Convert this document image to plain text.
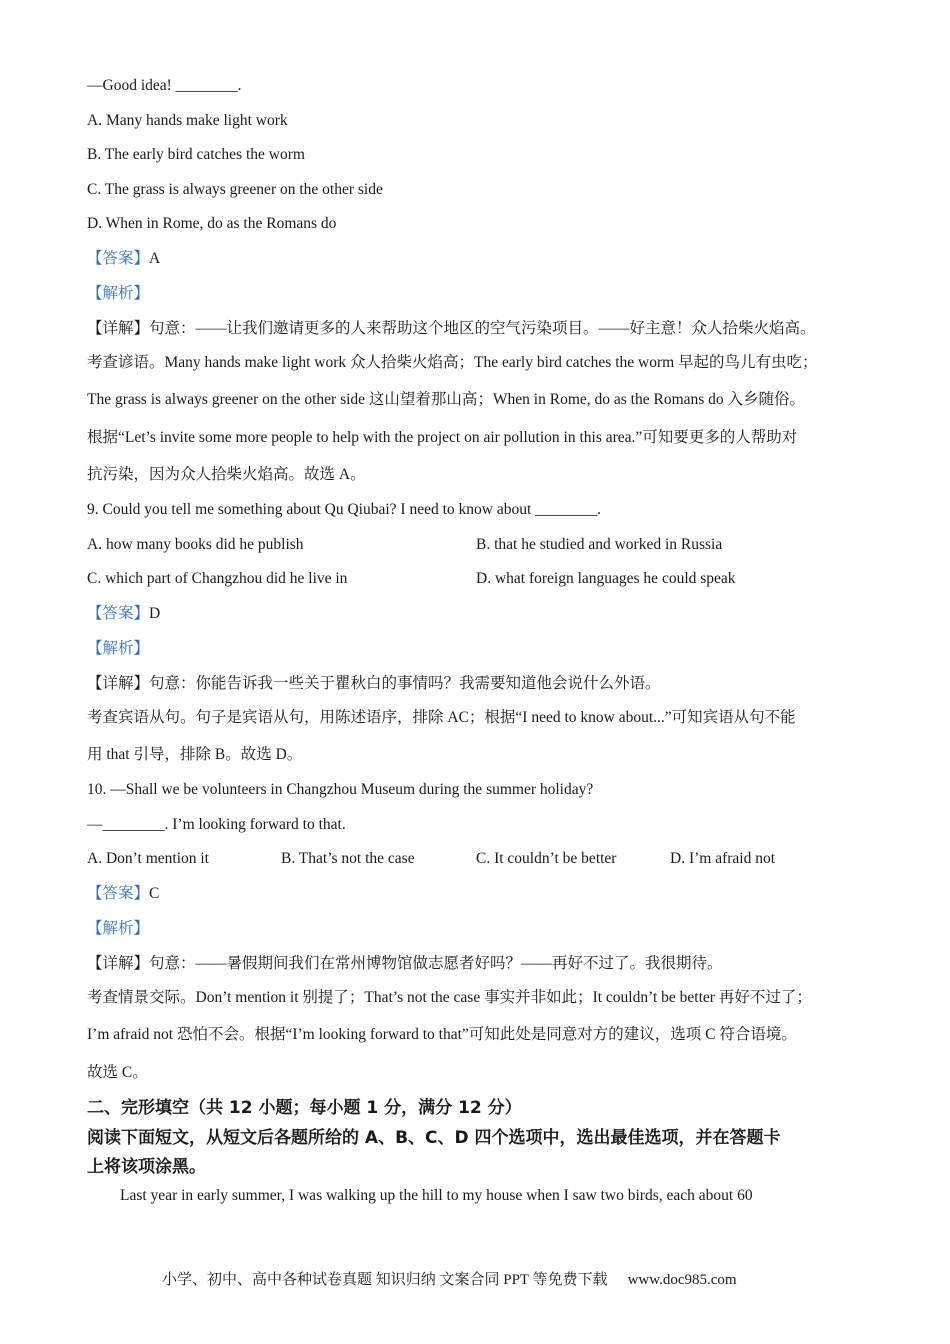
—Good idea! ________.
A. Many hands make light work
B. The early bird catches the worm
C. The grass is always greener on the other side
D. When in Rome, do as the Romans do
【答案】A
【解析】
【详解】句意：——让我们邀请更多的人来帮助这个地区的空气污染项目。——好主意！众人拾柴火焰高。
考查谚语。Many hands make light work 众人拾柴火焰高；The early bird catches the worm 早起的鸟儿有虫吃；
The grass is always greener on the other side 这山望着那山高；When in Rome, do as the Romans do 入乡随俗。
根据“Let’s invite some more people to help with the project on air pollution in this area.”可知要更多的人帮助对
抗污染，因为众人拾柴火焰高。故选 A。
9. Could you tell me something about Qu Qiubai? I need to know about ________.
A. how many books did he publish	B. that he studied and worked in Russia
C. which part of Changzhou did he live in	D. what foreign languages he could speak
【答案】D
【解析】
【详解】句意：你能告诉我一些关于瞿秋白的事情吗？我需要知道他会说什么外语。
考查宾语从句。句子是宾语从句，用陈述语序，排除 AC；根据“I need to know about...”可知宾语从句不能
用 that 引导，排除 B。故选 D。
10. —Shall we be volunteers in Changzhou Museum during the summer holiday?
—________. I’m looking forward to that.
A. Don’t mention it	B. That’s not the case	C. It couldn’t be better	D. I’m afraid not
【答案】C
【解析】
【详解】句意：——暑假期间我们在常州博物馆做志愿者好吗？——再好不过了。我很期待。
考查情景交际。Don’t mention it 别提了；That’s not the case 事实并非如此；It couldn’t be better 再好不过了；
I’m afraid not 恐怕不会。根据“I’m looking forward to that”可知此处是同意对方的建议，选项 C 符合语境。
故选 C。
二、完形填空（共 12 小题；每小题 1 分，满分 12 分）
阅读下面短文，从短文后各题所给的 A、B、C、D 四个选项中，选出最佳选项，并在答题卡
上将该项涂黑。
Last year in early summer, I was walking up the hill to my house when I saw two birds, each about 60
小学、初中、高中各种试卷真题 知识归纳 文案合同 PPT 等免费下载 www.doc985.com
